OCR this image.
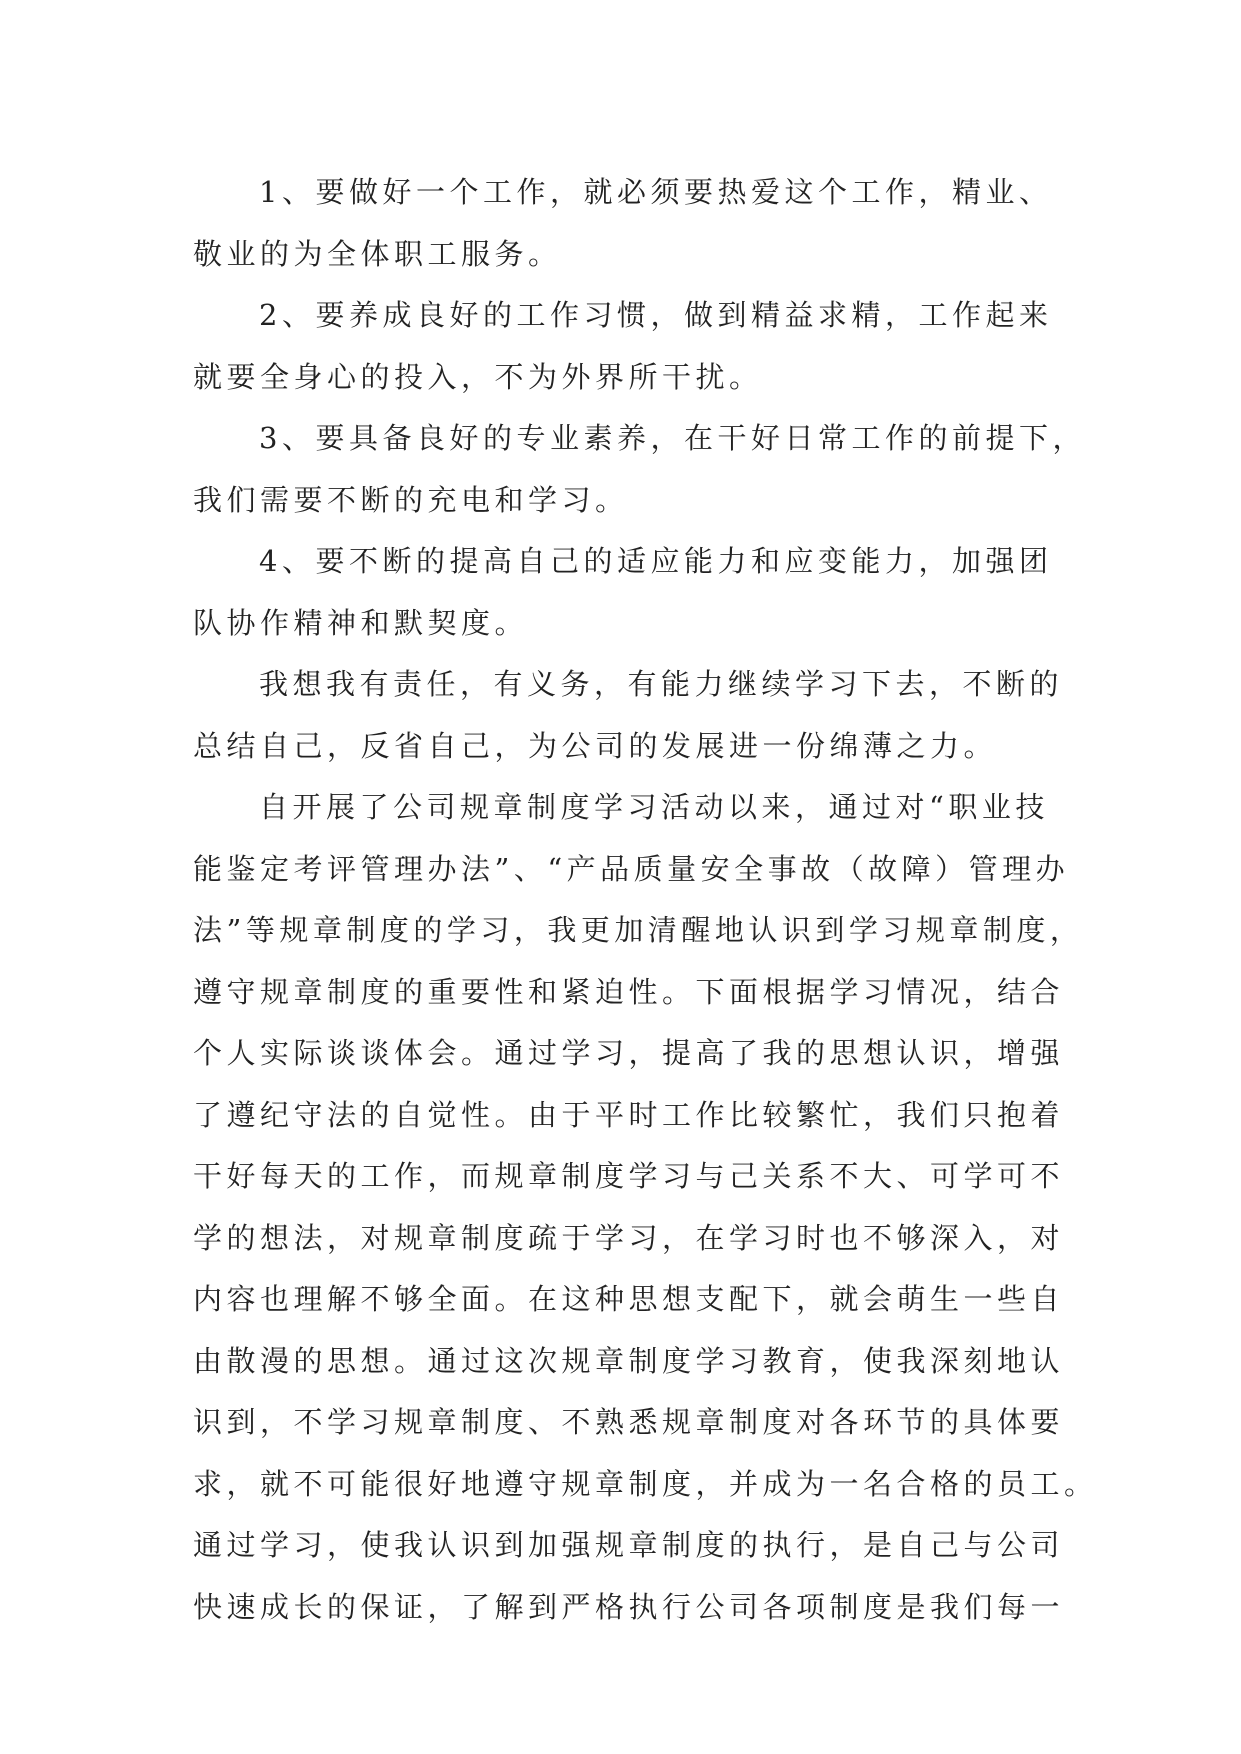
1、要做好一个工作，就必须要热爱这个工作，精业、
敬业的为全体职工服务。

2、要养成良好的工作习惯，做到精益求精，工作起来
就要全身心的投入，不为外界所干扰。

3、要具备良好的专业素养，在干好日常工作的前提下，
我们需要不断的充电和学习。

4、要不断的提高自己的适应能力和应变能力，加强团
队协作精神和默契度。

我想我有责任，有义务，有能力继续学习下去，不断的
总结自己，反省自己，为公司的发展进一份绵薄之力。

自开展了公司规章制度学习活动以来，通过对“职业技
能鉴定考评管理办法”、“产品质量安全事故（故障）管理办
法”等规章制度的学习，我更加清醒地认识到学习规章制度，
遵守规章制度的重要性和紧迫性。下面根据学习情况，结合
个人实际谈谈体会。通过学习，提高了我的思想认识，增强
了遵纪守法的自觉性。由于平时工作比较繁忙，我们只抱着
干好每天的工作，而规章制度学习与己关系不大、可学可不
学的想法，对规章制度疏于学习，在学习时也不够深入，对
内容也理解不够全面。在这种思想支配下，就会萌生一些自
由散漫的思想。通过这次规章制度学习教育，使我深刻地认
识到，不学习规章制度、不熟悉规章制度对各环节的具体要
求，就不可能很好地遵守规章制度，并成为一名合格的员工。
通过学习，使我认识到加强规章制度的执行，是自己与公司
快速成长的保证，了解到严格执行公司各项制度是我们每一
